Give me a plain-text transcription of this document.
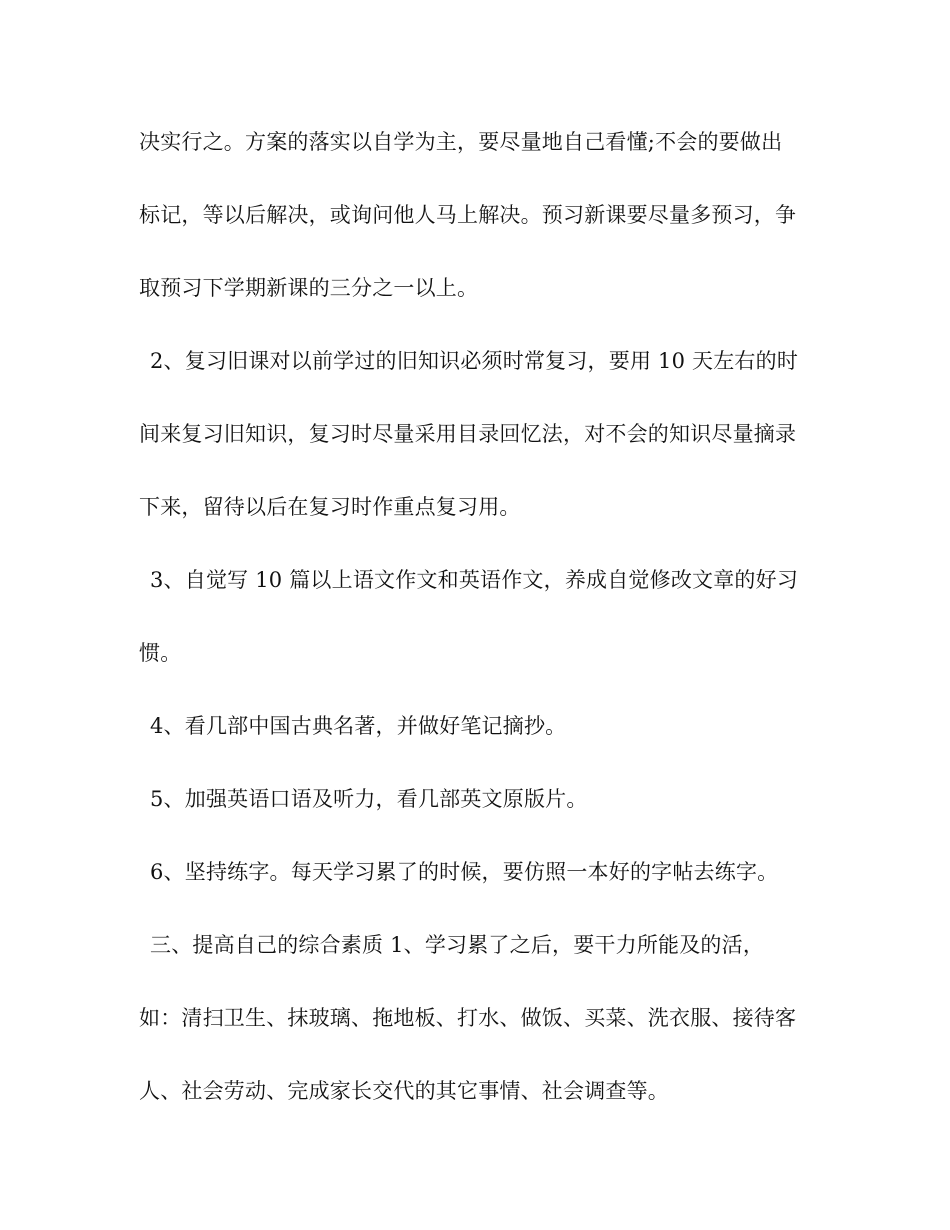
决实行之。方案的落实以自学为主，要尽量地自己看懂;不会的要做出
标记，等以后解决，或询问他人马上解决。预习新课要尽量多预习，争
取预习下学期新课的三分之一以上。
2、复习旧课对以前学过的旧知识必须时常复习，要用 10 天左右的时
间来复习旧知识，复习时尽量采用目录回忆法，对不会的知识尽量摘录
下来，留待以后在复习时作重点复习用。
3、自觉写 10 篇以上语文作文和英语作文，养成自觉修改文章的好习
惯。
4、看几部中国古典名著，并做好笔记摘抄。
5、加强英语口语及听力，看几部英文原版片。
6、坚持练字。每天学习累了的时候，要仿照一本好的字帖去练字。
三、提高自己的综合素质 1、学习累了之后，要干力所能及的活，
如：清扫卫生、抹玻璃、拖地板、打水、做饭、买菜、洗衣服、接待客
人、社会劳动、完成家长交代的其它事情、社会调查等。
